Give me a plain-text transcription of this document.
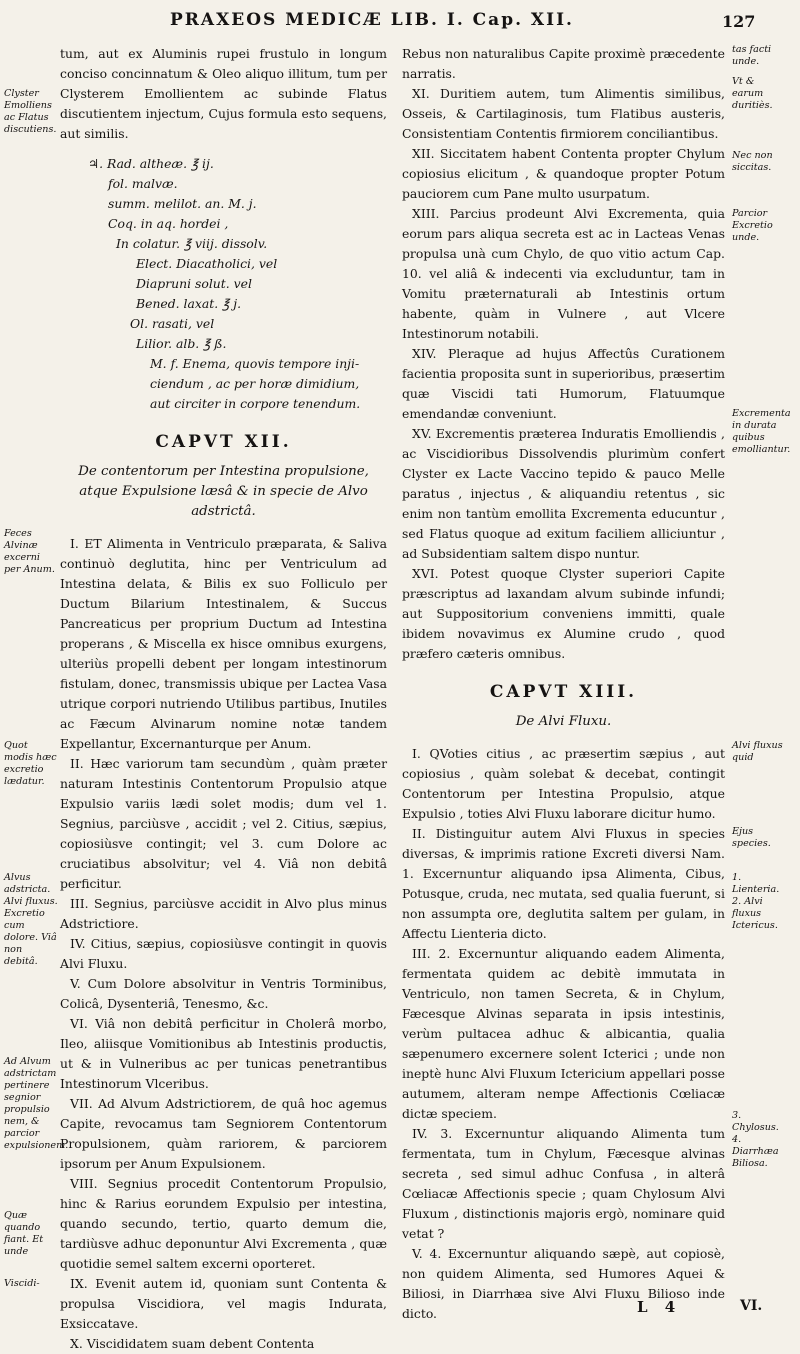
PRAXEOS MEDICÆ LIB. I. Cap. XII.	127

tum, aut ex Aluminis rupei frustulo in longum conciso concinnatum & Oleo aliquo illitum, tum per Clysterem Emollientem ac subinde Flatus discutientem injectum, Cujus formula esto sequens, aut similis.

♃. Rad. altheæ. ℥ ij.
fol. malvæ.
summ. melilot. an. M. j.
Coq. in aq. hordei ,
In colatur. ℥ viij. dissolv.
Elect. Diacatholici, vel
Diapruni solut. vel
Bened. laxat. ℥ j.
Ol. rasati, vel
Lilior. alb. ℥ ß.
M. f. Enema, quovis tempore inji-
ciendum , ac per horæ dimidium,
aut circiter in corpore tenendum.
CAPVT XII.
De contentorum per Intestina propulsione, atque Expulsione læsâ & in specie de Alvo adstrictâ.

I. ET Alimenta in Ventriculo præparata, & Saliva continuò deglutita, hinc per Ventriculum ad Intestina delata, & Bilis ex suo Folliculo per Ductum Bilarium Intestinalem, & Succus Pancreaticus per proprium Ductum ad Intestina properans , & Miscella ex hisce omnibus exurgens, ulteriùs propelli debent per longam intestinorum fistulam, donec, transmissis ubique per Lactea Vasa utrique corpori nutriendo Utilibus partibus, Inutiles ac Fæcum Alvinarum nomine notæ tandem Expellantur, Excernanturque per Anum.

II. Hæc variorum tam secundùm , quàm præter naturam Intestinis Contentorum Propulsio atque Expulsio variis lædi solet modis; dum vel 1. Segnius, parciùsve , accidit ; vel 2. Citius, sæpius, copiosiùsve contingit; vel 3. cum Dolore ac cruciatibus absolvitur; vel 4. Viâ non debitâ perficitur.

III. Segnius, parciùsve accidit in Alvo plus minus Adstrictiore.

IV. Citius, sæpius, copiosiùsve contingit in quovis Alvi Fluxu.

V. Cum Dolore absolvitur in Ventris Torminibus, Colicâ, Dysenteriâ, Tenesmo, &c.

VI. Viâ non debitâ perficitur in Cholerâ morbo, Ileo, aliisque Vomitionibus ab Intestinis productis, ut & in Vulneribus ac per tunicas penetrantibus Intestinorum Vlceribus.

VII. Ad Alvum Adstrictiorem, de quâ hoc agemus Capite, revocamus tam Segniorem Contentorum Propulsionem, quàm rariorem, & parciorem ipsorum per Anum Expulsionem.

VIII. Segnius procedit Contentorum Propulsio, hinc & Rarius eorundem Expulsio per intestina, quando secundo, tertio, quarto demum die, tardiùsve adhuc deponuntur Alvi Excrementa , quæ quotidie semel saltem excerni oporteret.

IX. Evenit autem id, quoniam sunt Contenta & propulsa Viscidiora, vel magis Indurata, Exsiccatave.

X. Viscididatem suam debent Contenta

Rebus non naturalibus Capite proximè præcedente narratis.

XI. Duritiem autem, tum Alimentis similibus, Osseis, & Cartilaginosis, tum Flatibus austeris, Consistentiam Contentis firmiorem conciliantibus.

XII. Siccitatem habent Contenta propter Chylum copiosius elicitum , & quandoque propter Potum pauciorem cum Pane multo usurpatum.

XIII. Parcius prodeunt Alvi Excrementa, quia eorum pars aliqua secreta est ac in Lacteas Venas propulsa unà cum Chylo, de quo vitio actum Cap. 10. vel aliâ & indecenti via excluduntur, tam in Vomitu præternaturali ab Intestinis ortum habente, quàm in Vulnere , aut Vlcere Intestinorum notabili.

XIV. Pleraque ad hujus Affectûs Curationem facientia proposita sunt in superioribus, præsertim quæ Viscidi tati Humorum, Flatuumque emendandæ conveniunt.

XV. Excrementis præterea Induratis Emolliendis , ac Viscidioribus Dissolvendis plurimùm confert Clyster ex Lacte Vaccino tepido & pauco Melle paratus , injectus , & aliquandiu retentus , sic enim non tantùm emollita Excrementa educuntur , sed Flatus quoque ad exitum faciliem alliciuntur , ad Subsidentiam saltem dispo nuntur.

XVI. Potest quoque Clyster superiori Capite præscriptus ad laxandam alvum subinde infundi; aut Suppositorium conveniens immitti, quale ibidem novavimus ex Alumine crudo , quod præfero cæteris omnibus.

CAPVT XIII.
De Alvi Fluxu.

I. QVoties citius , ac præsertim sæpius , aut copiosius , quàm solebat & decebat, contingit Contentorum per Intestina Propulsio, atque Expulsio , toties Alvi Fluxu laborare dicitur humo.

II. Distinguitur autem Alvi Fluxus in species diversas, & imprimis ratione Excreti diversi Nam. 1. Excernuntur aliquando ipsa Alimenta, Cibus, Potusque, cruda, nec mutata, sed qualia fuerunt, si non assumpta ore, deglutita saltem per gulam, in Affectu Lienteria dicto.

III. 2. Excernuntur aliquando eadem Alimenta, fermentata quidem ac debitè immutata in Ventriculo, non tamen Secreta, & in Chylum, Fæcesque Alvinas separata in ipsis intestinis, verùm pultacea adhuc & albicantia, qualia sæpenumero excernere solent Icterici ; unde non ineptè hunc Alvi Fluxum Ictericium appellari posse autumem, alteram nempe Affectionis Cœliacæ dictæ speciem.

IV. 3. Excernuntur aliquando Alimenta tum fermentata, tum in Chylum, Fæcesque alvinas secreta , sed simul adhuc Confusa , in alterâ Cœliacæ Affectionis specie ; quam Chylosum Alvi Fluxum , distinctionis majoris ergò, nominare quid vetat ?

V. 4. Excernuntur aliquando sæpè, aut copiosè, non quidem Alimenta, sed Humores Aquei & Biliosi, in Diarrhæa sive Alvi Fluxu Bilioso inde dicto.

Clyster Emolliens ac Flatus discutiens.
Feces Alvinæ excerni per Anum.
Quot modis hæc excretio lædatur.
Alvus adstricta. Alvi fluxus. Excretio cum dolore. Viâ non debitâ.
Ad Alvum adstrictam pertinere segnior propulsio nem, & parcior expulsionem.
Quæ quando fiant. Et unde
Viscidi-
tas facti unde.
Vt & earum duritiès.
Nec non siccitas.
Parcior Excretio unde.
Excrementa in durata quibus emolliantur.
Alvi fluxus quid
Ejus species.
1. Lienteria. 2. Alvi fluxus Ictericus.
3. Chylosus. 4. Diarrhæa Biliosa.
L 4	VI.
